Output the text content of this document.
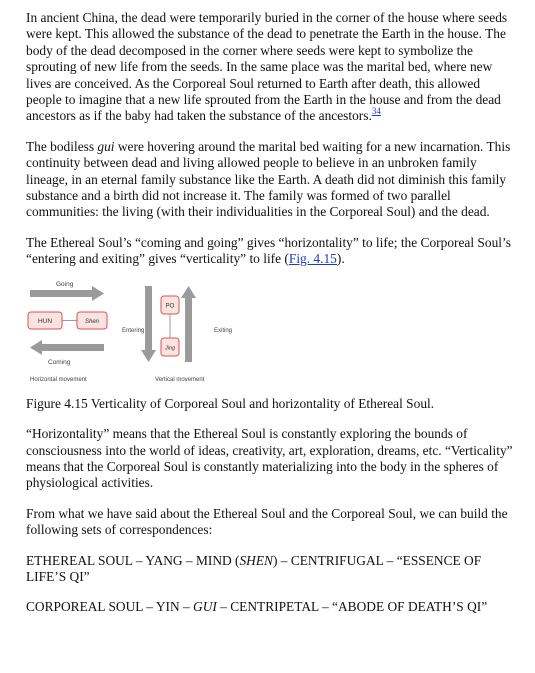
In ancient China, the dead were temporarily buried in the corner of the house where seeds were kept. This allowed the substance of the dead to penetrate the Earth in the house. The body of the dead decomposed in the corner where seeds were kept to symbolize the sprouting of new life from the seeds. In the same place was the marital bed, where new lives are conceived. As the Corporeal Soul returned to Earth after death, this allowed people to imagine that a new life sprouted from the Earth in the house and from the dead ancestors as if the baby had taken the substance of the ancestors.$^{34}$

The bodiless gui were hovering around the marital bed waiting for a new incarnation. This continuity between dead and living allowed people to believe in an unbroken family lineage, in an eternal family substance like the Earth. A death did not diminish this family substance and a birth did not increase it. The family was formed of two parallel communities: the living (with their individualities in the Corporeal Soul) and the dead.

The Ethereal Soul’s “coming and going” gives “horizontality” to life; the Corporeal Soul’s “entering and exiting” gives “verticality” to life (Fig. 4.15).

Going
HUN	Shen
Coming
Horizontal movement
Entering
PO
Jing
Exiting
Vertical movement

Figure 4.15 Verticality of Corporeal Soul and horizontality of Ethereal Soul.

“Horizontality” means that the Ethereal Soul is constantly exploring the bounds of consciousness into the world of ideas, creativity, art, exploration, dreams, etc. “Verticality” means that the Corporeal Soul is constantly materializing into the body in the spheres of physiological activities.

From what we have said about the Ethereal Soul and the Corporeal Soul, we can build the following sets of correspondences:

ETHEREAL SOUL – YANG – MIND (SHEN) – CENTRIFUGAL – “ESSENCE OF LIFE’S QI”

CORPOREAL SOUL – YIN – GUI – CENTRIPETAL – “ABODE OF DEATH’S QI”
